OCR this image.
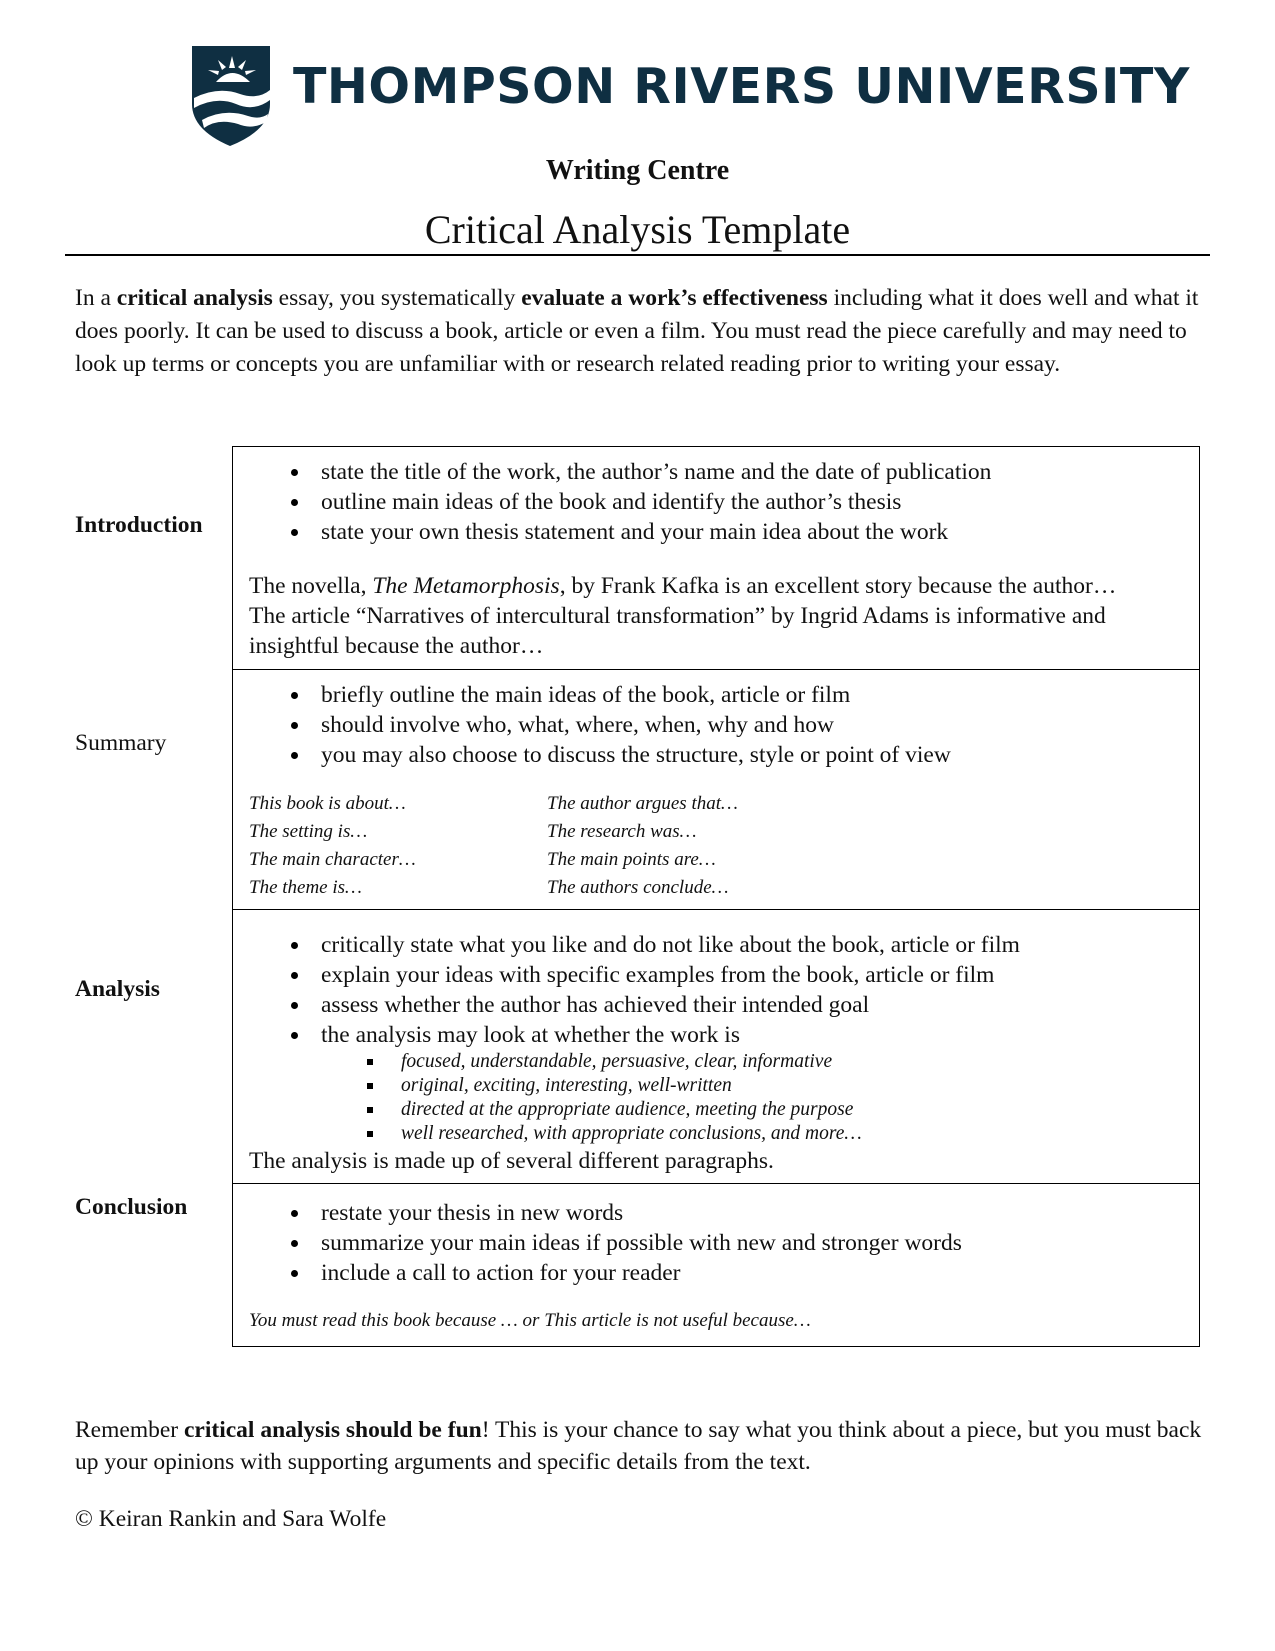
THOMPSON RIVERS UNIVERSITY
Writing Centre
Critical Analysis Template

In a critical analysis essay, you systematically evaluate a work’s effectiveness including what it does well and what it does poorly. It can be used to discuss a book, article or even a film. You must read the piece carefully and may need to look up terms or concepts you are unfamiliar with or research related reading prior to writing your essay.

Introduction

Summary

Analysis

Conclusion

state the title of the work, the author’s name and the date of publication
outline main ideas of the book and identify the author’s thesis
state your own thesis statement and your main idea about the work

The novella, The Metamorphosis, by Frank Kafka is an excellent story because the author…

The article “Narratives of intercultural transformation” by Ingrid Adams is informative and insightful because the author…

briefly outline the main ideas of the book, article or film
should involve who, what, where, when, why and how
you may also choose to discuss the structure, style or point of view
This book is about…
The setting is…
The main character…
The theme is…
The author argues that…
The research was…
The main points are…
The authors conclude…
critically state what you like and do not like about the book, article or film
explain your ideas with specific examples from the book, article or film
assess whether the author has achieved their intended goal
the analysis may look at whether the work is
focused, understandable, persuasive, clear, informative
original, exciting, interesting, well-written
directed at the appropriate audience, meeting the purpose
well researched, with appropriate conclusions, and more…

The analysis is made up of several different paragraphs.

restate your thesis in new words
summarize your main ideas if possible with new and stronger words
include a call to action for your reader

You must read this book because … or This article is not useful because…

Remember critical analysis should be fun! This is your chance to say what you think about a piece, but you must back up your opinions with supporting arguments and specific details from the text.

© Keiran Rankin and Sara Wolfe
